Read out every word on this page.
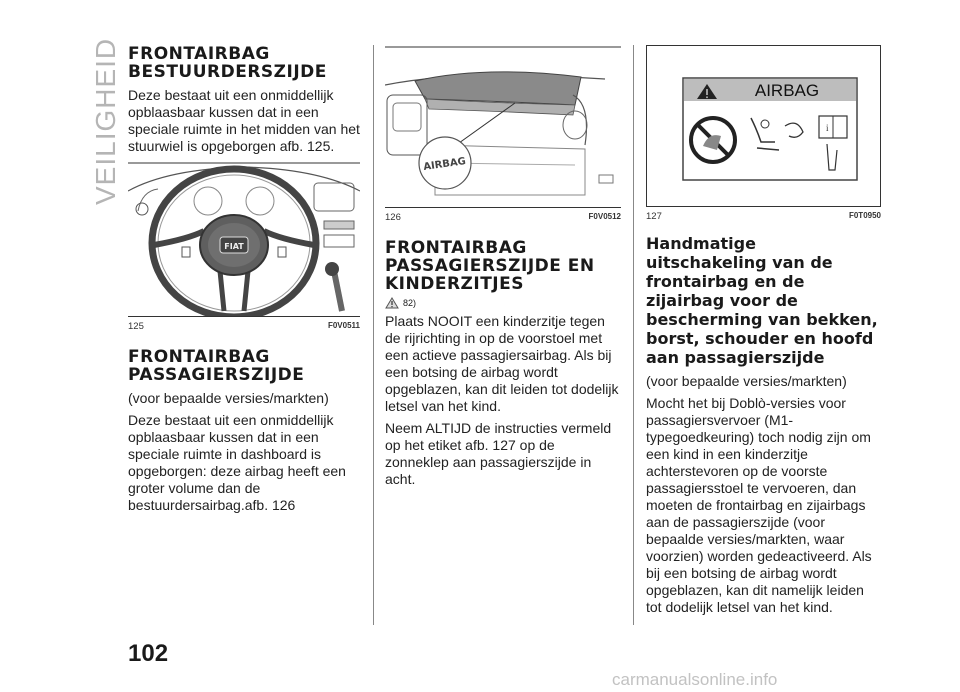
VEILIGHEID FRONTAIRBAG BESTUURDERSZIJDE
Deze bestaat uit een onmiddellijk opblaasbaar kussen dat in een speciale ruimte in het midden van het stuurwiel is opgeborgen afb. 125.
FIAT
125	F0V0511
FRONTAIRBAG PASSAGIERSZIJDE
(voor bepaalde versies/markten)
Deze bestaat uit een onmiddellijk opblaasbaar kussen dat in een speciale ruimte in dashboard is opgeborgen: deze airbag heeft een groter volume dan de bestuurdersairbag.afb. 126
AIRBAG
126	F0V0512
FRONTAIRBAG PASSAGIERSZIJDE EN KINDERZITJES
82)
Plaats NOOIT een kinderzitje tegen de rijrichting in op de voorstoel met een actieve passagiersairbag. Als bij een botsing de airbag wordt opgeblazen, kan dit leiden tot dodelijk letsel van het kind.
Neem ALTIJD de instructies vermeld op het etiket afb. 127 op de zonneklep aan passagierszijde in acht.
AIRBAG
i
127	F0T0950
Handmatige uitschakeling van de frontairbag en de zijairbag voor de bescherming van bekken, borst, schouder en hoofd aan passagierszijde
(voor bepaalde versies/markten)
Mocht het bij Doblò-versies voor passagiersvervoer (M1-typegoedkeuring) toch nodig zijn om een kind in een kinderzitje achterstevoren op de voorste passagiersstoel te vervoeren, dan moeten de frontairbag en zijairbags aan de passagierszijde (voor bepaalde versies/markten, waar voorzien) worden gedeactiveerd. Als bij een botsing de airbag wordt opgeblazen, kan dit namelijk leiden tot dodelijk letsel van het kind.
102
carmanualsonline.info
